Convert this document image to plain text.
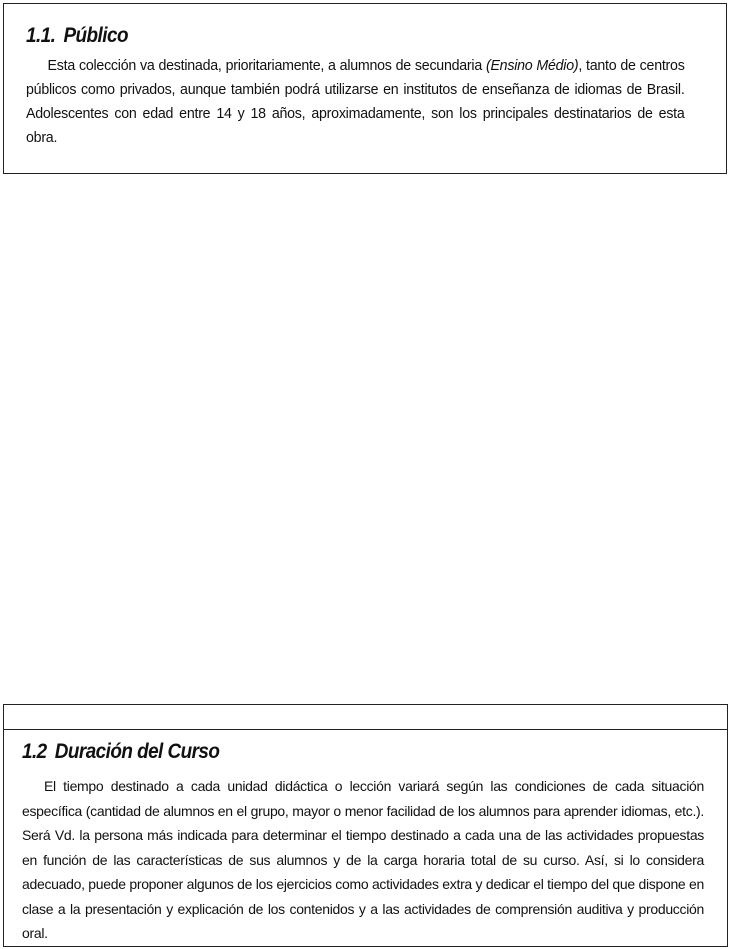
1.1. Público

Esta colección va destinada, prioritariamente, a alumnos de secundaria (Ensino Médio), tanto de centros públicos como privados, aunque también podrá utilizarse en institutos de enseñanza de idiomas de Brasil. Adolescentes con edad entre 14 y 18 años, aproximadamente, son los principales destinatarios de esta obra.

1.2 Duración del Curso

El tiempo destinado a cada unidad didáctica o lección variará según las condiciones de cada situación específica (cantidad de alumnos en el grupo, mayor o menor facilidad de los alumnos para aprender idiomas, etc.). Será Vd. la persona más indicada para determinar el tiempo destinado a cada una de las actividades propuestas en función de las características de sus alumnos y de la carga horaria total de su curso. Así, si lo considera adecuado, puede proponer algunos de los ejercicios como actividades extra y dedicar el tiempo del que dispone en clase a la presentación y explicación de los contenidos y a las actividades de comprensión auditiva y producción oral.
